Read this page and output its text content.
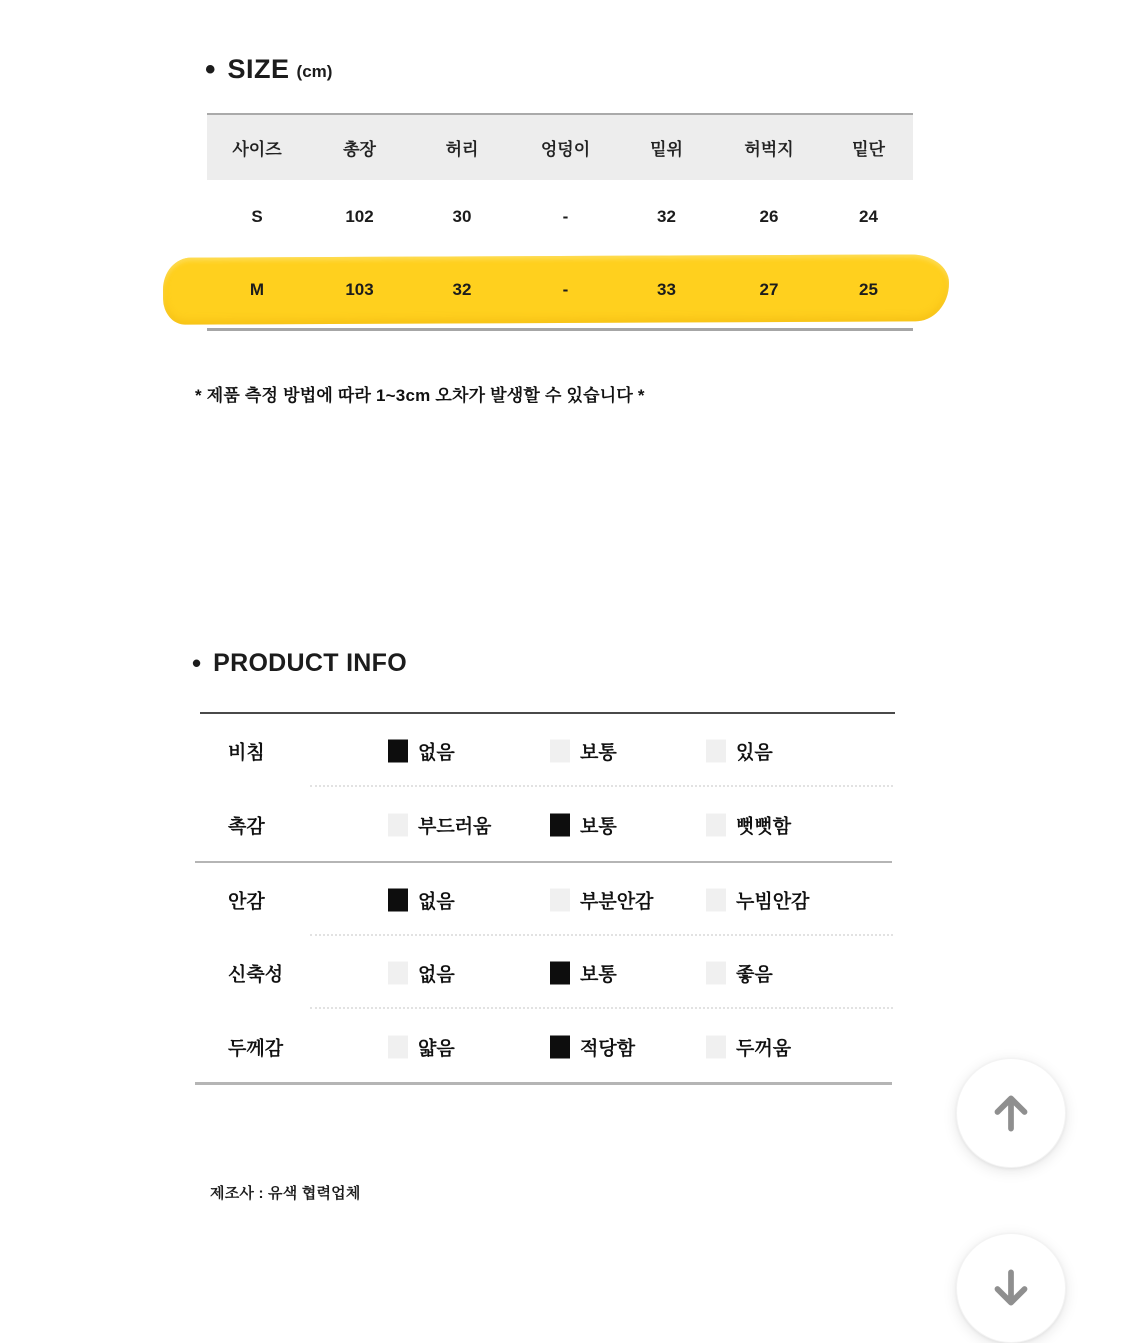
• SIZE (cm)
사이즈	총장	허리	엉덩이	밑위	허벅지	밑단
S	102	30	-	32	26	24
M	103	32	-	33	27	25
* 제품 측정 방법에 따라 1~3cm 오차가 발생할 수 있습니다 *
• PRODUCT INFO
비침	없음	보통	있음
촉감	부드러움	보통	뻣뻣함
안감	없음	부분안감	누빔안감
신축성	없음	보통	좋음
두께감	얇음	적당함	두꺼움
제조사 : 유색 협력업체
